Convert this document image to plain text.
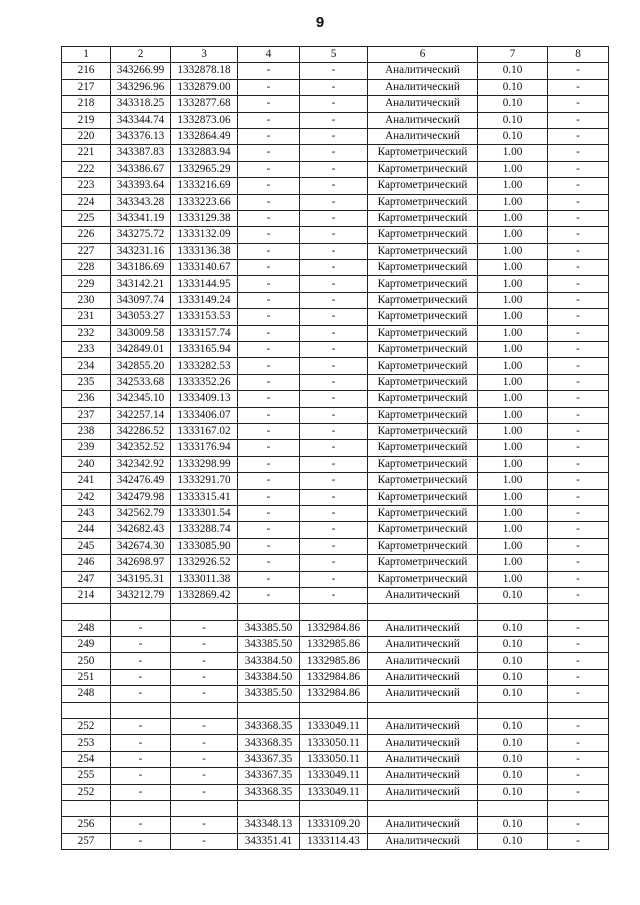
9
1	2	3	4	5	6	7	8
216	343266.99	1332878.18	-	-	Аналитический	0.10	-
217	343296.96	1332879.00	-	-	Аналитический	0.10	-
218	343318.25	1332877.68	-	-	Аналитический	0.10	-
219	343344.74	1332873.06	-	-	Аналитический	0.10	-
220	343376.13	1332864.49	-	-	Аналитический	0.10	-
221	343387.83	1332883.94	-	-	Картометрический	1.00	-
222	343386.67	1332965.29	-	-	Картометрический	1.00	-
223	343393.64	1333216.69	-	-	Картометрический	1.00	-
224	343343.28	1333223.66	-	-	Картометрический	1.00	-
225	343341.19	1333129.38	-	-	Картометрический	1.00	-
226	343275.72	1333132.09	-	-	Картометрический	1.00	-
227	343231.16	1333136.38	-	-	Картометрический	1.00	-
228	343186.69	1333140.67	-	-	Картометрический	1.00	-
229	343142.21	1333144.95	-	-	Картометрический	1.00	-
230	343097.74	1333149.24	-	-	Картометрический	1.00	-
231	343053.27	1333153.53	-	-	Картометрический	1.00	-
232	343009.58	1333157.74	-	-	Картометрический	1.00	-
233	342849.01	1333165.94	-	-	Картометрический	1.00	-
234	342855.20	1333282.53	-	-	Картометрический	1.00	-
235	342533.68	1333352.26	-	-	Картометрический	1.00	-
236	342345.10	1333409.13	-	-	Картометрический	1.00	-
237	342257.14	1333406.07	-	-	Картометрический	1.00	-
238	342286.52	1333167.02	-	-	Картометрический	1.00	-
239	342352.52	1333176.94	-	-	Картометрический	1.00	-
240	342342.92	1333298.99	-	-	Картометрический	1.00	-
241	342476.49	1333291.70	-	-	Картометрический	1.00	-
242	342479.98	1333315.41	-	-	Картометрический	1.00	-
243	342562.79	1333301.54	-	-	Картометрический	1.00	-
244	342682.43	1333288.74	-	-	Картометрический	1.00	-
245	342674.30	1333085.90	-	-	Картометрический	1.00	-
246	342698.97	1332926.52	-	-	Картометрический	1.00	-
247	343195.31	1333011.38	-	-	Картометрический	1.00	-
214	343212.79	1332869.42	-	-	Аналитический	0.10	-

248	-	-	343385.50	1332984.86	Аналитический	0.10	-
249	-	-	343385.50	1332985.86	Аналитический	0.10	-
250	-	-	343384.50	1332985.86	Аналитический	0.10	-
251	-	-	343384.50	1332984.86	Аналитический	0.10	-
248	-	-	343385.50	1332984.86	Аналитический	0.10	-

252	-	-	343368.35	1333049.11	Аналитический	0.10	-
253	-	-	343368.35	1333050.11	Аналитический	0.10	-
254	-	-	343367.35	1333050.11	Аналитический	0.10	-
255	-	-	343367.35	1333049.11	Аналитический	0.10	-
252	-	-	343368.35	1333049.11	Аналитический	0.10	-

256	-	-	343348.13	1333109.20	Аналитический	0.10	-
257	-	-	343351.41	1333114.43	Аналитический	0.10	-
